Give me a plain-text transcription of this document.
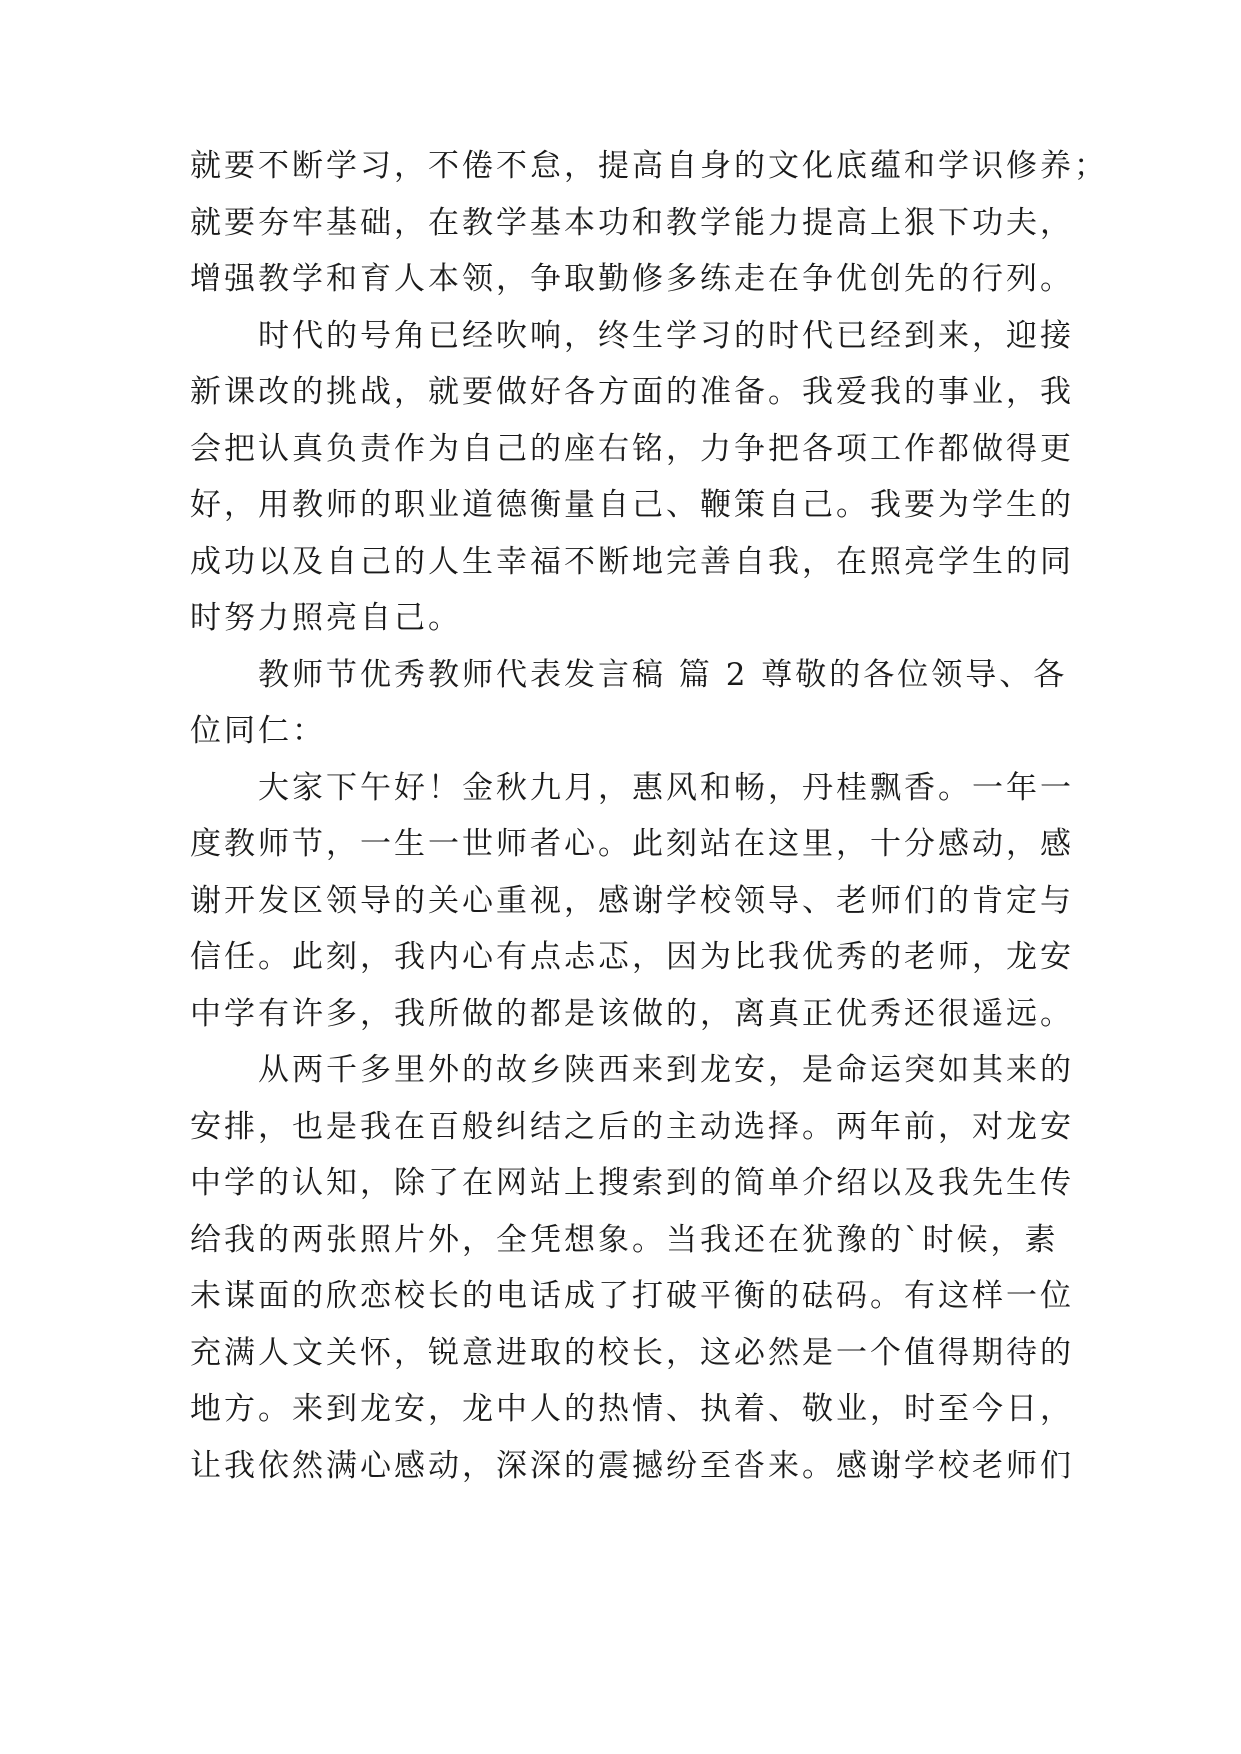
就要不断学习，不倦不怠，提高自身的文化底蕴和学识修养；
就要夯牢基础，在教学基本功和教学能力提高上狠下功夫，
增强教学和育人本领，争取勤修多练走在争优创先的行列。
时代的号角已经吹响，终生学习的时代已经到来，迎接
新课改的挑战，就要做好各方面的准备。我爱我的事业，我
会把认真负责作为自己的座右铭，力争把各项工作都做得更
好，用教师的职业道德衡量自己、鞭策自己。我要为学生的
成功以及自己的人生幸福不断地完善自我，在照亮学生的同
时努力照亮自己。
教师节优秀教师代表发言稿 篇 2 尊敬的各位领导、各
位同仁：
大家下午好！金秋九月，惠风和畅，丹桂飘香。一年一
度教师节，一生一世师者心。此刻站在这里，十分感动，感
谢开发区领导的关心重视，感谢学校领导、老师们的肯定与
信任。此刻，我内心有点忐忑，因为比我优秀的老师，龙安
中学有许多，我所做的都是该做的，离真正优秀还很遥远。
从两千多里外的故乡陕西来到龙安，是命运突如其来的
安排，也是我在百般纠结之后的主动选择。两年前，对龙安
中学的认知，除了在网站上搜索到的简单介绍以及我先生传
给我的两张照片外，全凭想象。当我还在犹豫的`时候，素
未谋面的欣恋校长的电话成了打破平衡的砝码。有这样一位
充满人文关怀，锐意进取的校长，这必然是一个值得期待的
地方。来到龙安，龙中人的热情、执着、敬业，时至今日，
让我依然满心感动，深深的震撼纷至沓来。感谢学校老师们
